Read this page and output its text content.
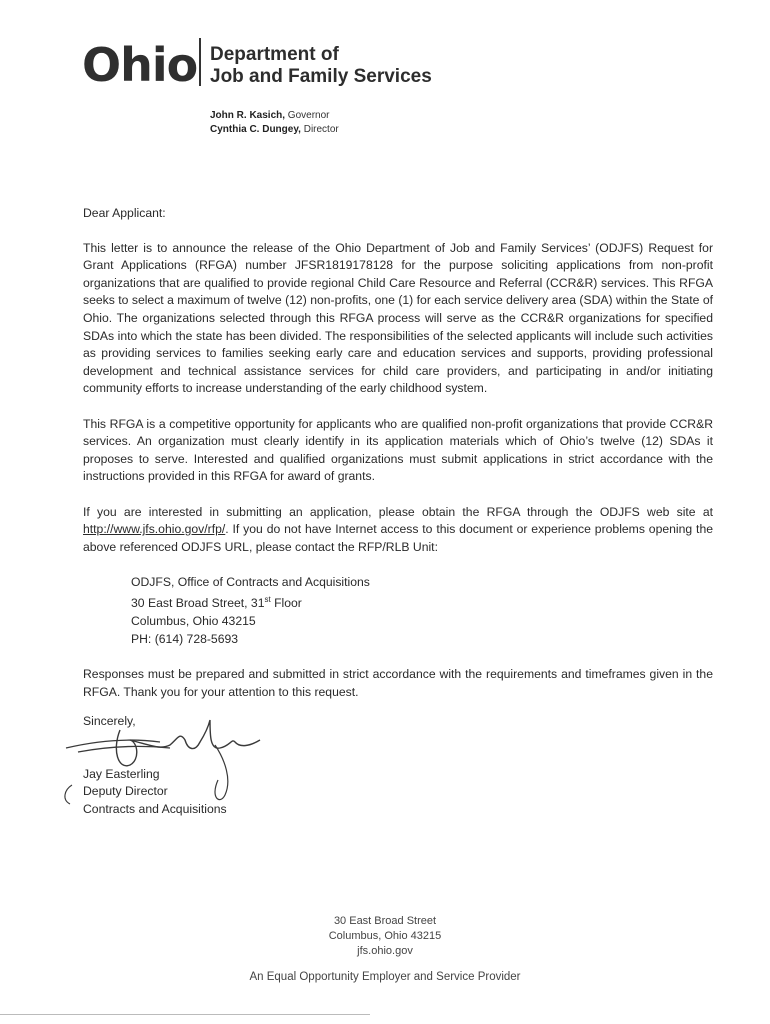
Ohio Department of
Job and Family Services
John R. Kasich, Governor
Cynthia C. Dungey, Director

Dear Applicant:

This letter is to announce the release of the Ohio Department of Job and Family Services’ (ODJFS) Request for Grant Applications (RFGA) number JFSR1819178128 for the purpose soliciting applications from non-profit organizations that are qualified to provide regional Child Care Resource and Referral (CCR&R) services. This RFGA seeks to select a maximum of twelve (12) non-profits, one (1) for each service delivery area (SDA) within the State of Ohio. The organizations selected through this RFGA process will serve as the CCR&R organizations for specified SDAs into which the state has been divided. The responsibilities of the selected applicants will include such activities as providing services to families seeking early care and education services and supports, providing professional development and technical assistance services for child care providers, and participating in and/or initiating community efforts to increase understanding of the early childhood system.

This RFGA is a competitive opportunity for applicants who are qualified non-profit organizations that provide CCR&R services. An organization must clearly identify in its application materials which of Ohio’s twelve (12) SDAs it proposes to serve. Interested and qualified organizations must submit applications in strict accordance with the instructions provided in this RFGA for award of grants.

If you are interested in submitting an application, please obtain the RFGA through the ODJFS web site at http://www.jfs.ohio.gov/rfp/. If you do not have Internet access to this document or experience problems opening the above referenced ODJFS URL, please contact the RFP/RLB Unit:

ODJFS, Office of Contracts and Acquisitions
30 East Broad Street, 31st Floor
Columbus, Ohio 43215
PH: (614) 728-5693

Responses must be prepared and submitted in strict accordance with the requirements and timeframes given in the RFGA. Thank you for your attention to this request.

Sincerely,
Jay Easterling
Deputy Director
Contracts and Acquisitions
30 East Broad Street
Columbus, Ohio 43215
jfs.ohio.gov
An Equal Opportunity Employer and Service Provider
